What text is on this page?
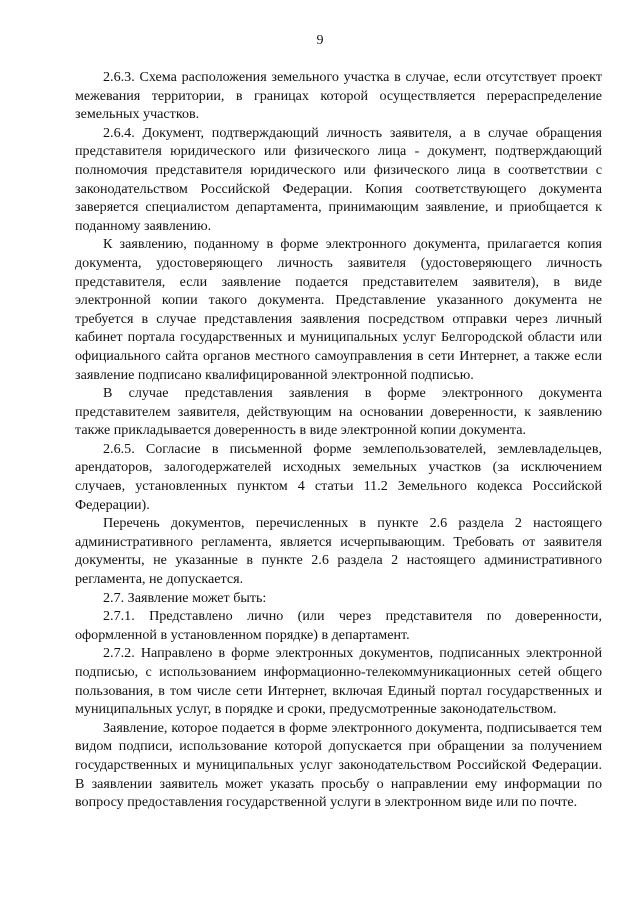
9

2.6.3. Схема расположения земельного участка в случае, если отсутствует проект межевания территории, в границах которой осуществляется перераспределение земельных участков.

2.6.4. Документ, подтверждающий личность заявителя, а в случае обращения представителя юридического или физического лица - документ, подтверждающий полномочия представителя юридического или физического лица в соответствии с законодательством Российской Федерации. Копия соответствующего документа заверяется специалистом департамента, принимающим заявление, и приобщается к поданному заявлению.

К заявлению, поданному в форме электронного документа, прилагается копия документа, удостоверяющего личность заявителя (удостоверяющего личность представителя, если заявление подается представителем заявителя), в виде электронной копии такого документа. Представление указанного документа не требуется в случае представления заявления посредством отправки через личный кабинет портала государственных и муниципальных услуг Белгородской области или официального сайта органов местного самоуправления в сети Интернет, а также если заявление подписано квалифицированной электронной подписью.

В случае представления заявления в форме электронного документа представителем заявителя, действующим на основании доверенности, к заявлению также прикладывается доверенность в виде электронной копии документа.

2.6.5. Согласие в письменной форме землепользователей, землевладельцев, арендаторов, залогодержателей исходных земельных участков (за исключением случаев, установленных пунктом 4 статьи 11.2 Земельного кодекса Российской Федерации).

Перечень документов, перечисленных в пункте 2.6 раздела 2 настоящего административного регламента, является исчерпывающим. Требовать от заявителя документы, не указанные в пункте 2.6 раздела 2 настоящего административного регламента, не допускается.

2.7. Заявление может быть:

2.7.1. Представлено лично (или через представителя по доверенности, оформленной в установленном порядке) в департамент.

2.7.2. Направлено в форме электронных документов, подписанных электронной подписью, с использованием информационно-телекоммуникационных сетей общего пользования, в том числе сети Интернет, включая Единый портал государственных и муниципальных услуг, в порядке и сроки, предусмотренные законодательством.

Заявление, которое подается в форме электронного документа, подписывается тем видом подписи, использование которой допускается при обращении за получением государственных и муниципальных услуг законодательством Российской Федерации. В заявлении заявитель может указать просьбу о направлении ему информации по вопросу предоставления государственной услуги в электронном виде или по почте.
